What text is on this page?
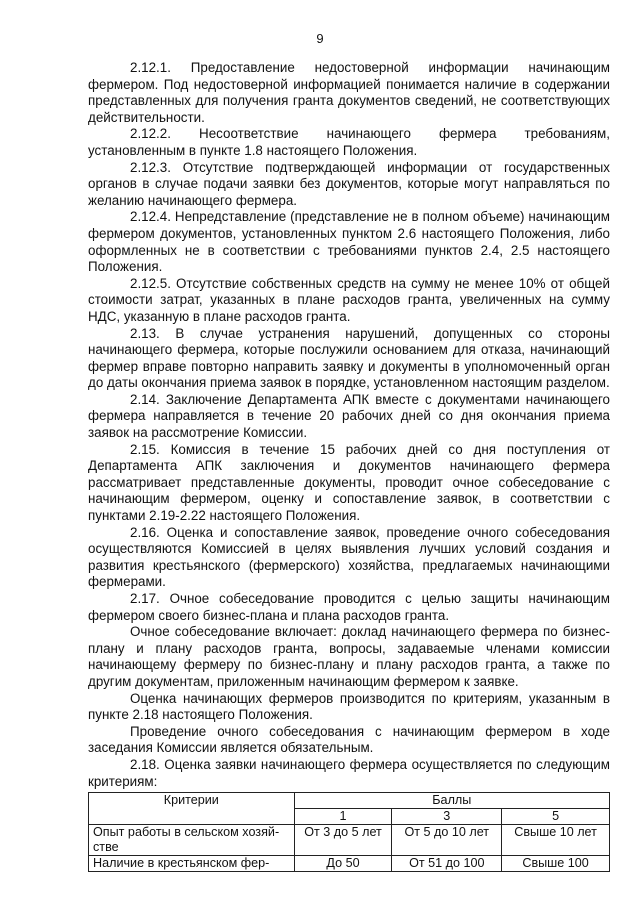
9

2.12.1. Предоставление недостоверной информации начинающим фермером. Под недостоверной информацией понимается наличие в содержании представленных для получения гранта документов сведений, не соответствующих действительности.

2.12.2. Несоответствие начинающего фермера требованиям, установленным в пункте 1.8 настоящего Положения.

2.12.3. Отсутствие подтверждающей информации от государственных органов в случае подачи заявки без документов, которые могут направляться по желанию начинающего фермера.

2.12.4. Непредставление (представление не в полном объеме) начинающим фермером документов, установленных пунктом 2.6 настоящего Положения, либо оформленных не в соответствии с требованиями пунктов 2.4, 2.5 настоящего Положения.

2.12.5. Отсутствие собственных средств на сумму не менее 10% от общей стоимости затрат, указанных в плане расходов гранта, увеличенных на сумму НДС, указанную в плане расходов гранта.

2.13. В случае устранения нарушений, допущенных со стороны начинающего фермера, которые послужили основанием для отказа, начинающий фермер вправе повторно направить заявку и документы в уполномоченный орган до даты окончания приема заявок в порядке, установленном настоящим разделом.

2.14. Заключение Департамента АПК вместе с документами начинающего фермера направляется в течение 20 рабочих дней со дня окончания приема заявок на рассмотрение Комиссии.

2.15. Комиссия в течение 15 рабочих дней со дня поступления от Департамента АПК заключения и документов начинающего фермера рассматривает представленные документы, проводит очное собеседование с начинающим фермером, оценку и сопоставление заявок, в соответствии с пунктами 2.19-2.22 настоящего Положения.

2.16. Оценка и сопоставление заявок, проведение очного собеседования осуществляются Комиссией в целях выявления лучших условий создания и развития крестьянского (фермерского) хозяйства, предлагаемых начинающими фермерами.

2.17. Очное собеседование проводится с целью защиты начинающим фермером своего бизнес-плана и плана расходов гранта.

Очное собеседование включает: доклад начинающего фермера по бизнес-плану и плану расходов гранта, вопросы, задаваемые членами комиссии начинающему фермеру по бизнес-плану и плану расходов гранта, а также по другим документам, приложенным начинающим фермером к заявке.

Оценка начинающих фермеров производится по критериям, указанным в пункте 2.18 настоящего Положения.

Проведение очного собеседования с начинающим фермером в ходе заседания Комиссии является обязательным.

2.18. Оценка заявки начинающего фермера осуществляется по следующим критериям:

Критерии	Баллы		
	1	3	5
Опыт работы в сельском хозяй-
стве	От 3 до 5 лет	От 5 до 10 лет	Свыше 10 лет
Наличие в крестьянском фер-	До 50	От 51 до 100	Свыше 100
